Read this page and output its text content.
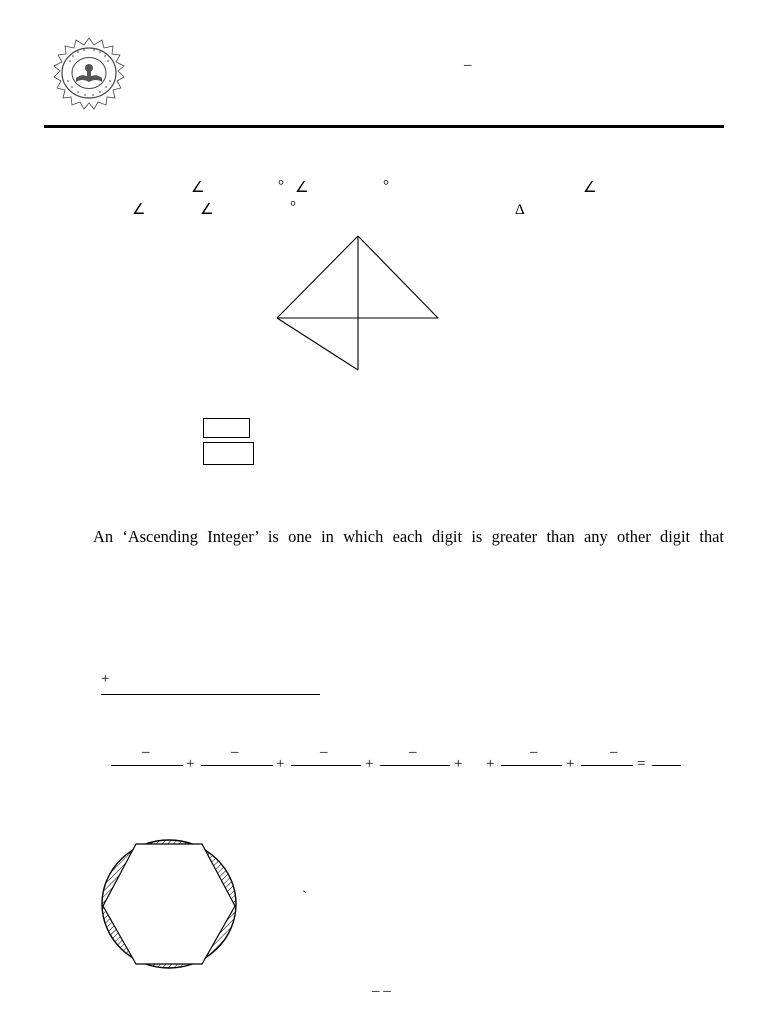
–
∠	° ∠	°	∠
∠	∠	°	Δ
An ‘Ascending Integer’ is one in which each digit is greater than any other digit that
+
–	–	–	–	–	–
+	+	+	+ +	+	=
`
– –
